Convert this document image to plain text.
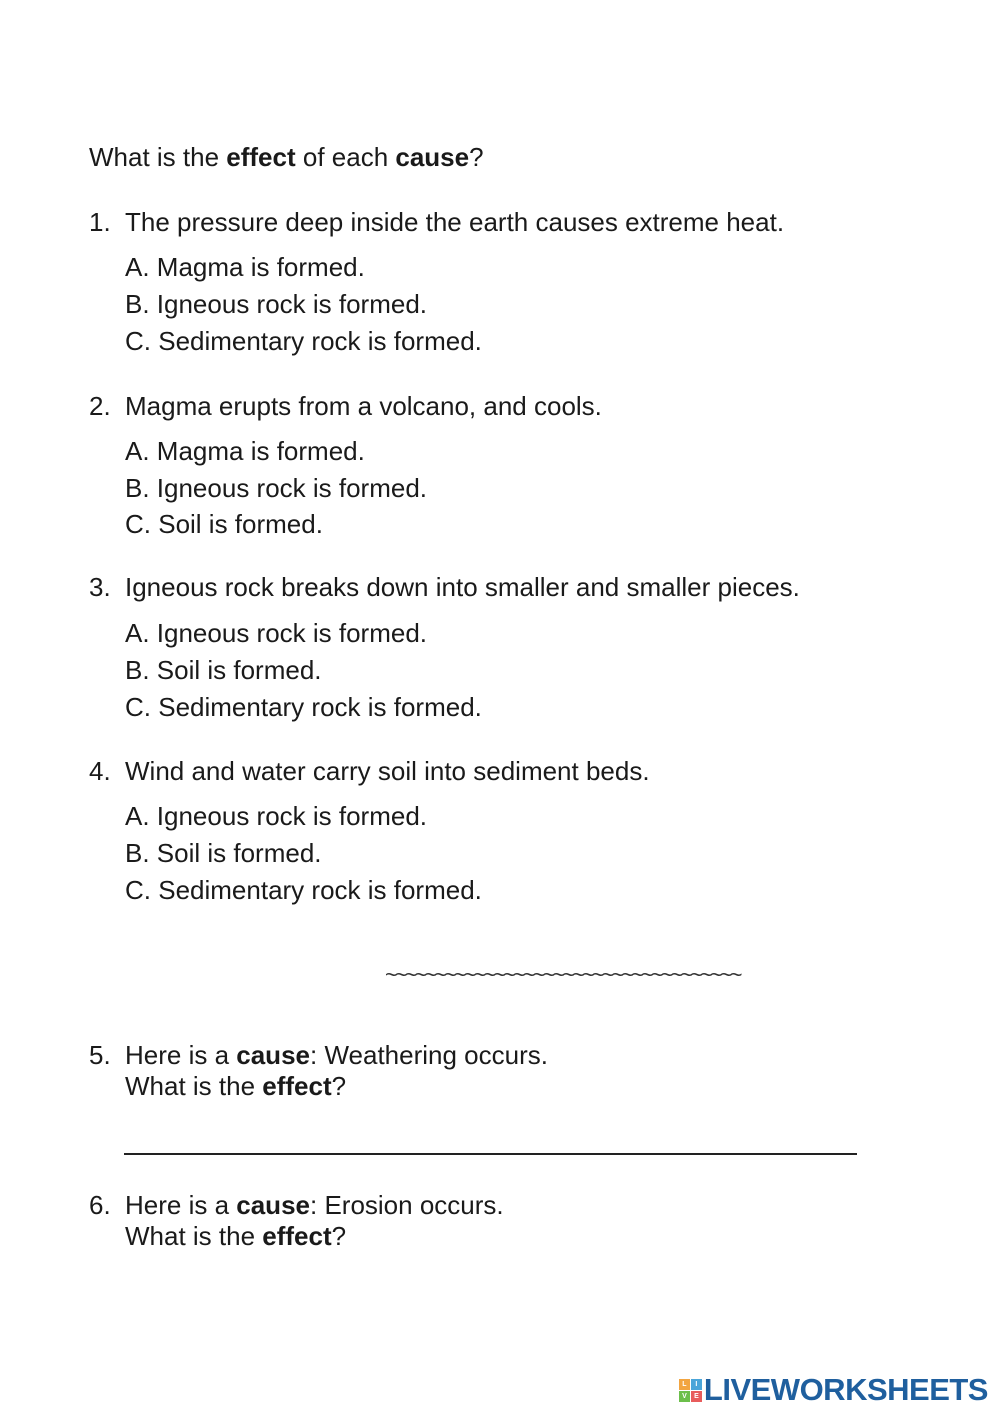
What is the effect of each cause?
1. The pressure deep inside the earth causes extreme heat.
A. Magma is formed.
B. Igneous rock is formed.
C. Sedimentary rock is formed.
2. Magma erupts from a volcano, and cools.
A. Magma is formed.
B. Igneous rock is formed.
C. Soil is formed.
3. Igneous rock breaks down into smaller and smaller pieces.
A. Igneous rock is formed.
B. Soil is formed.
C. Sedimentary rock is formed.
4. Wind and water carry soil into sediment beds.
A. Igneous rock is formed.
B. Soil is formed.
C. Sedimentary rock is formed.
~~~~~~~~~~~~~~~~~~~~~~~~~~~~~~~~~~~~
5. Here is a cause: Weathering occurs.
What is the effect?
6. Here is a cause: Erosion occurs.
What is the effect?
L	I
V	E LIVEWORKSHEETS
